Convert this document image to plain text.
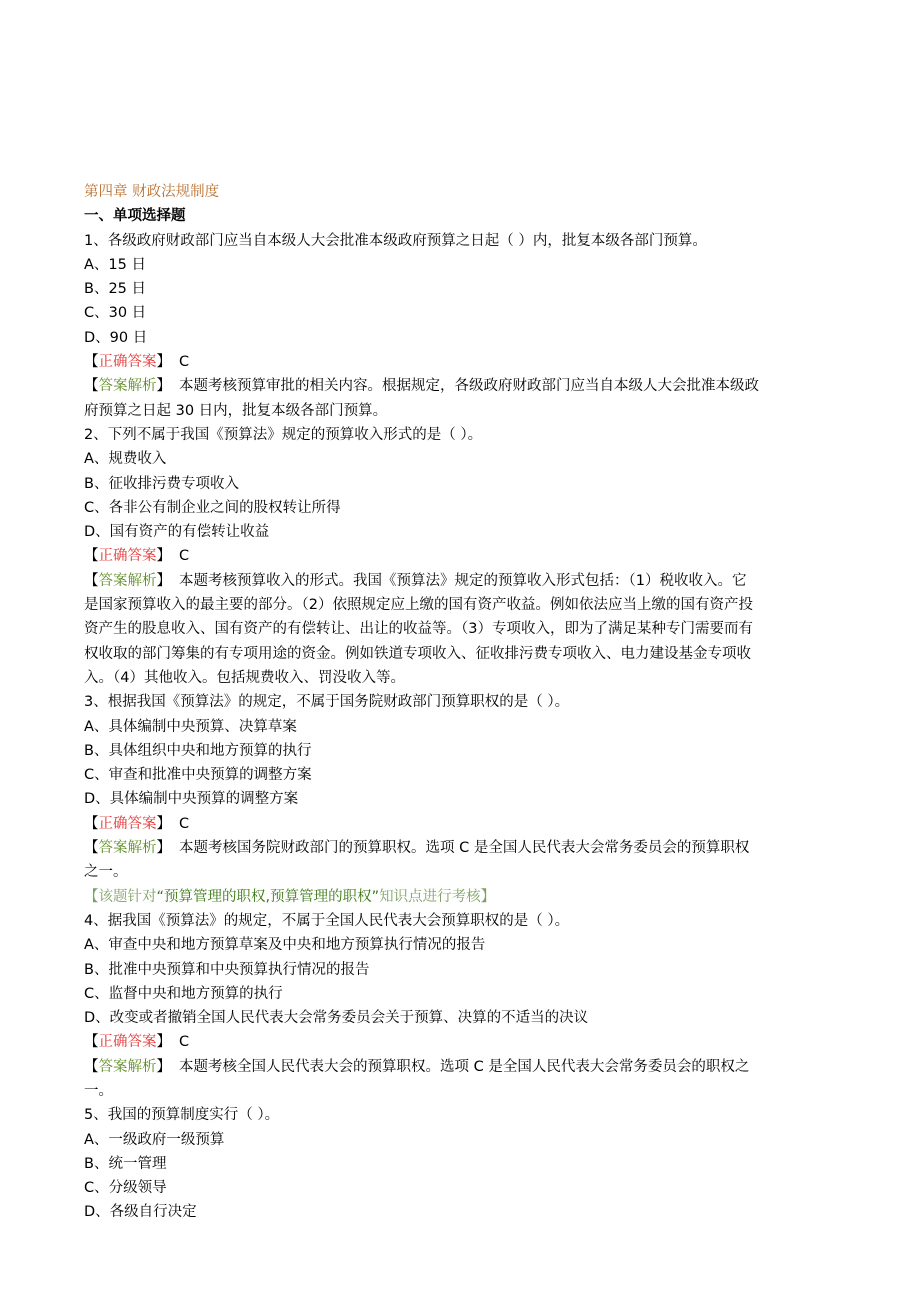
第四章 财政法规制度

一、单项选择题

1、各级政府财政部门应当自本级人大会批准本级政府预算之日起（ ）内，批复本级各部门预算。

A、15 日

B、25 日

C、30 日

D、90 日

【正确答案】 C

【答案解析】 本题考核预算审批的相关内容。根据规定，各级政府财政部门应当自本级人大会批准本级政

府预算之日起 30 日内，批复本级各部门预算。

2、下列不属于我国《预算法》规定的预算收入形式的是（ ）。

A、规费收入

B、征收排污费专项收入

C、各非公有制企业之间的股权转让所得

D、国有资产的有偿转让收益

【正确答案】 C

【答案解析】 本题考核预算收入的形式。我国《预算法》规定的预算收入形式包括：（1）税收收入。它

是国家预算收入的最主要的部分。（2）依照规定应上缴的国有资产收益。例如依法应当上缴的国有资产投

资产生的股息收入、国有资产的有偿转让、出让的收益等。（3）专项收入，即为了满足某种专门需要而有

权收取的部门筹集的有专项用途的资金。例如铁道专项收入、征收排污费专项收入、电力建设基金专项收

入。（4）其他收入。包括规费收入、罚没收入等。

3、根据我国《预算法》的规定，不属于国务院财政部门预算职权的是（ ）。

A、具体编制中央预算、决算草案

B、具体组织中央和地方预算的执行

C、审查和批准中央预算的调整方案

D、具体编制中央预算的调整方案

【正确答案】 C

【答案解析】 本题考核国务院财政部门的预算职权。选项 C 是全国人民代表大会常务委员会的预算职权

之一。

【该题针对“预算管理的职权,预算管理的职权”知识点进行考核】

4、据我国《预算法》的规定，不属于全国人民代表大会预算职权的是（ ）。

A、审查中央和地方预算草案及中央和地方预算执行情况的报告

B、批准中央预算和中央预算执行情况的报告

C、监督中央和地方预算的执行

D、改变或者撤销全国人民代表大会常务委员会关于预算、决算的不适当的决议

【正确答案】 C

【答案解析】 本题考核全国人民代表大会的预算职权。选项 C 是全国人民代表大会常务委员会的职权之

一。

5、我国的预算制度实行（ ）。

A、一级政府一级预算

B、统一管理

C、分级领导

D、各级自行决定
